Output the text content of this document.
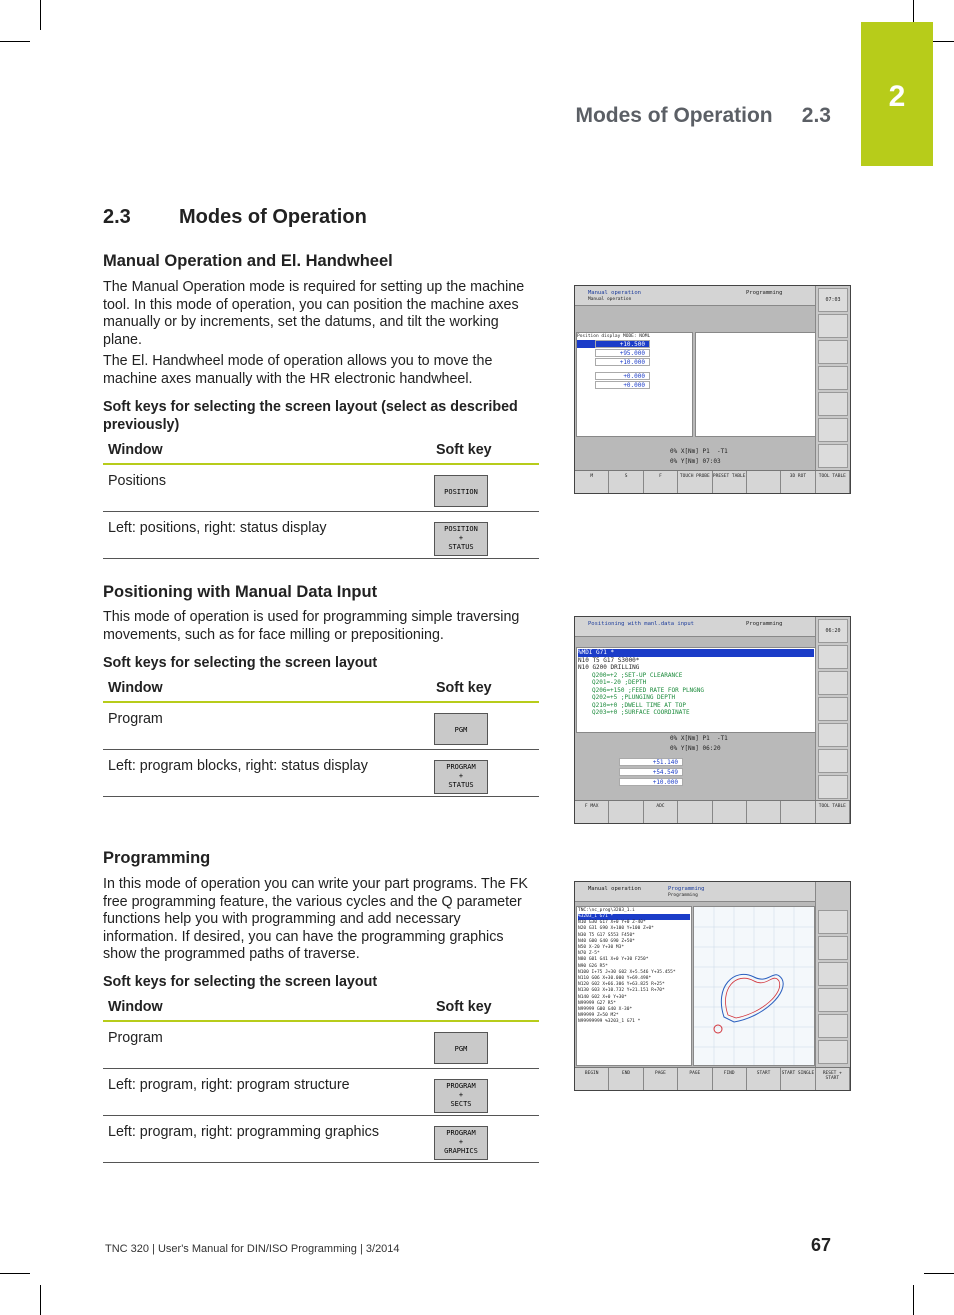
2
Modes of Operation     2.3
2.3 Modes of Operation
Manual Operation and El. Handwheel

The Manual Operation mode is required for setting up the machine tool. In this mode of operation, you can position the machine axes manually or by increments, set the datums, and tilt the working plane.

The El. Handwheel mode of operation allows you to move the machine axes manually with the HR electronic handwheel.

Soft keys for selecting the screen layout (select as described previously)

Window	Soft key
Positions	POSITION

Left: positions, right: status display	POSITION
+
STATUS
Positioning with Manual Data Input

This mode of operation is used for programming simple traversing movements, such as for face milling or prepositioning.

Soft keys for selecting the screen layout

Window	Soft key
Program	PGM

Left: program blocks, right: status display	PROGRAM
+
STATUS
Programming

In this mode of operation you can write your part programs. The FK free programming feature, the various cycles and the Q parameter functions help you with programming and add necessary information. If desired, you can have the programming graphics show the programmed paths of traverse.

Soft keys for selecting the screen layout

Window	Soft key
Program	PGM

Left: program, right: program structure	PROGRAM
+
SECTS

Left: program, right: programming graphics	PROGRAM
+
GRAPHICS
Manual operation
Manual operation
Programming
07:03
Position display MODE: NOML
+10.500
+95.000
+10.000
+0.000
+0.000
0% X[Nm] P1  -T1
0% Y[Nm] 07:03
M	S	F	TOUCH PROBE PRESET TABLE	3D ROT	TOOL TABLE
Positioning with manl.data input	Programming
06:20
%MDI G71 *
N10 T5 G17 S3000*
N10 G200 DRILLING
Q200=+2 ;SET-UP CLEARANCE
Q201=-20 ;DEPTH
Q206=+150 ;FEED RATE FOR PLNGNG
Q202=+5 ;PLUNGING DEPTH
Q210=+0 ;DWELL TIME AT TOP
Q203=+0 ;SURFACE COORDINATE
0% X[Nm] P1  -T1
0% Y[Nm] 06:20
+51.140
+54.549
+10.000
F MAX	ADC	TOOL TABLE
Manual operation	Programming
Programming
TNC:\nc_prog\3203_1.i
%3203_1 G71 *
N10 G30 G17 X+0 Y+0 Z-40*
N20 G31 G90 X+100 Y+100 Z+0*
N30 T5 G17 S553 F450*
N40 G00 G40 G90 Z+50*
N50 X-20 Y+30 M3*
N70 Z-5*
N80 G01 G41 X+0 Y+30 F250*
N90 G26 R5*
N100 I+75 J+30 G02 X+5.546 Y+35.455*
N110 G06 X+30.000 Y+69.498*
N120 G02 X+66.306 Y+63.825 R+25*
N130 G03 X+10.732 Y+21.151 R+70*
N140 G02 X+0 Y+30*
N99999 G27 R5*
N99999 G00 G40 X-30*
N99999 Z+50 M2*
N99999999 %3203_1 G71 *
BEGIN	END	PAGE	PAGE	FIND	START	START SINGLE	RESET + START
TNC 320 | User's Manual for DIN/ISO Programming | 3/2014	67
